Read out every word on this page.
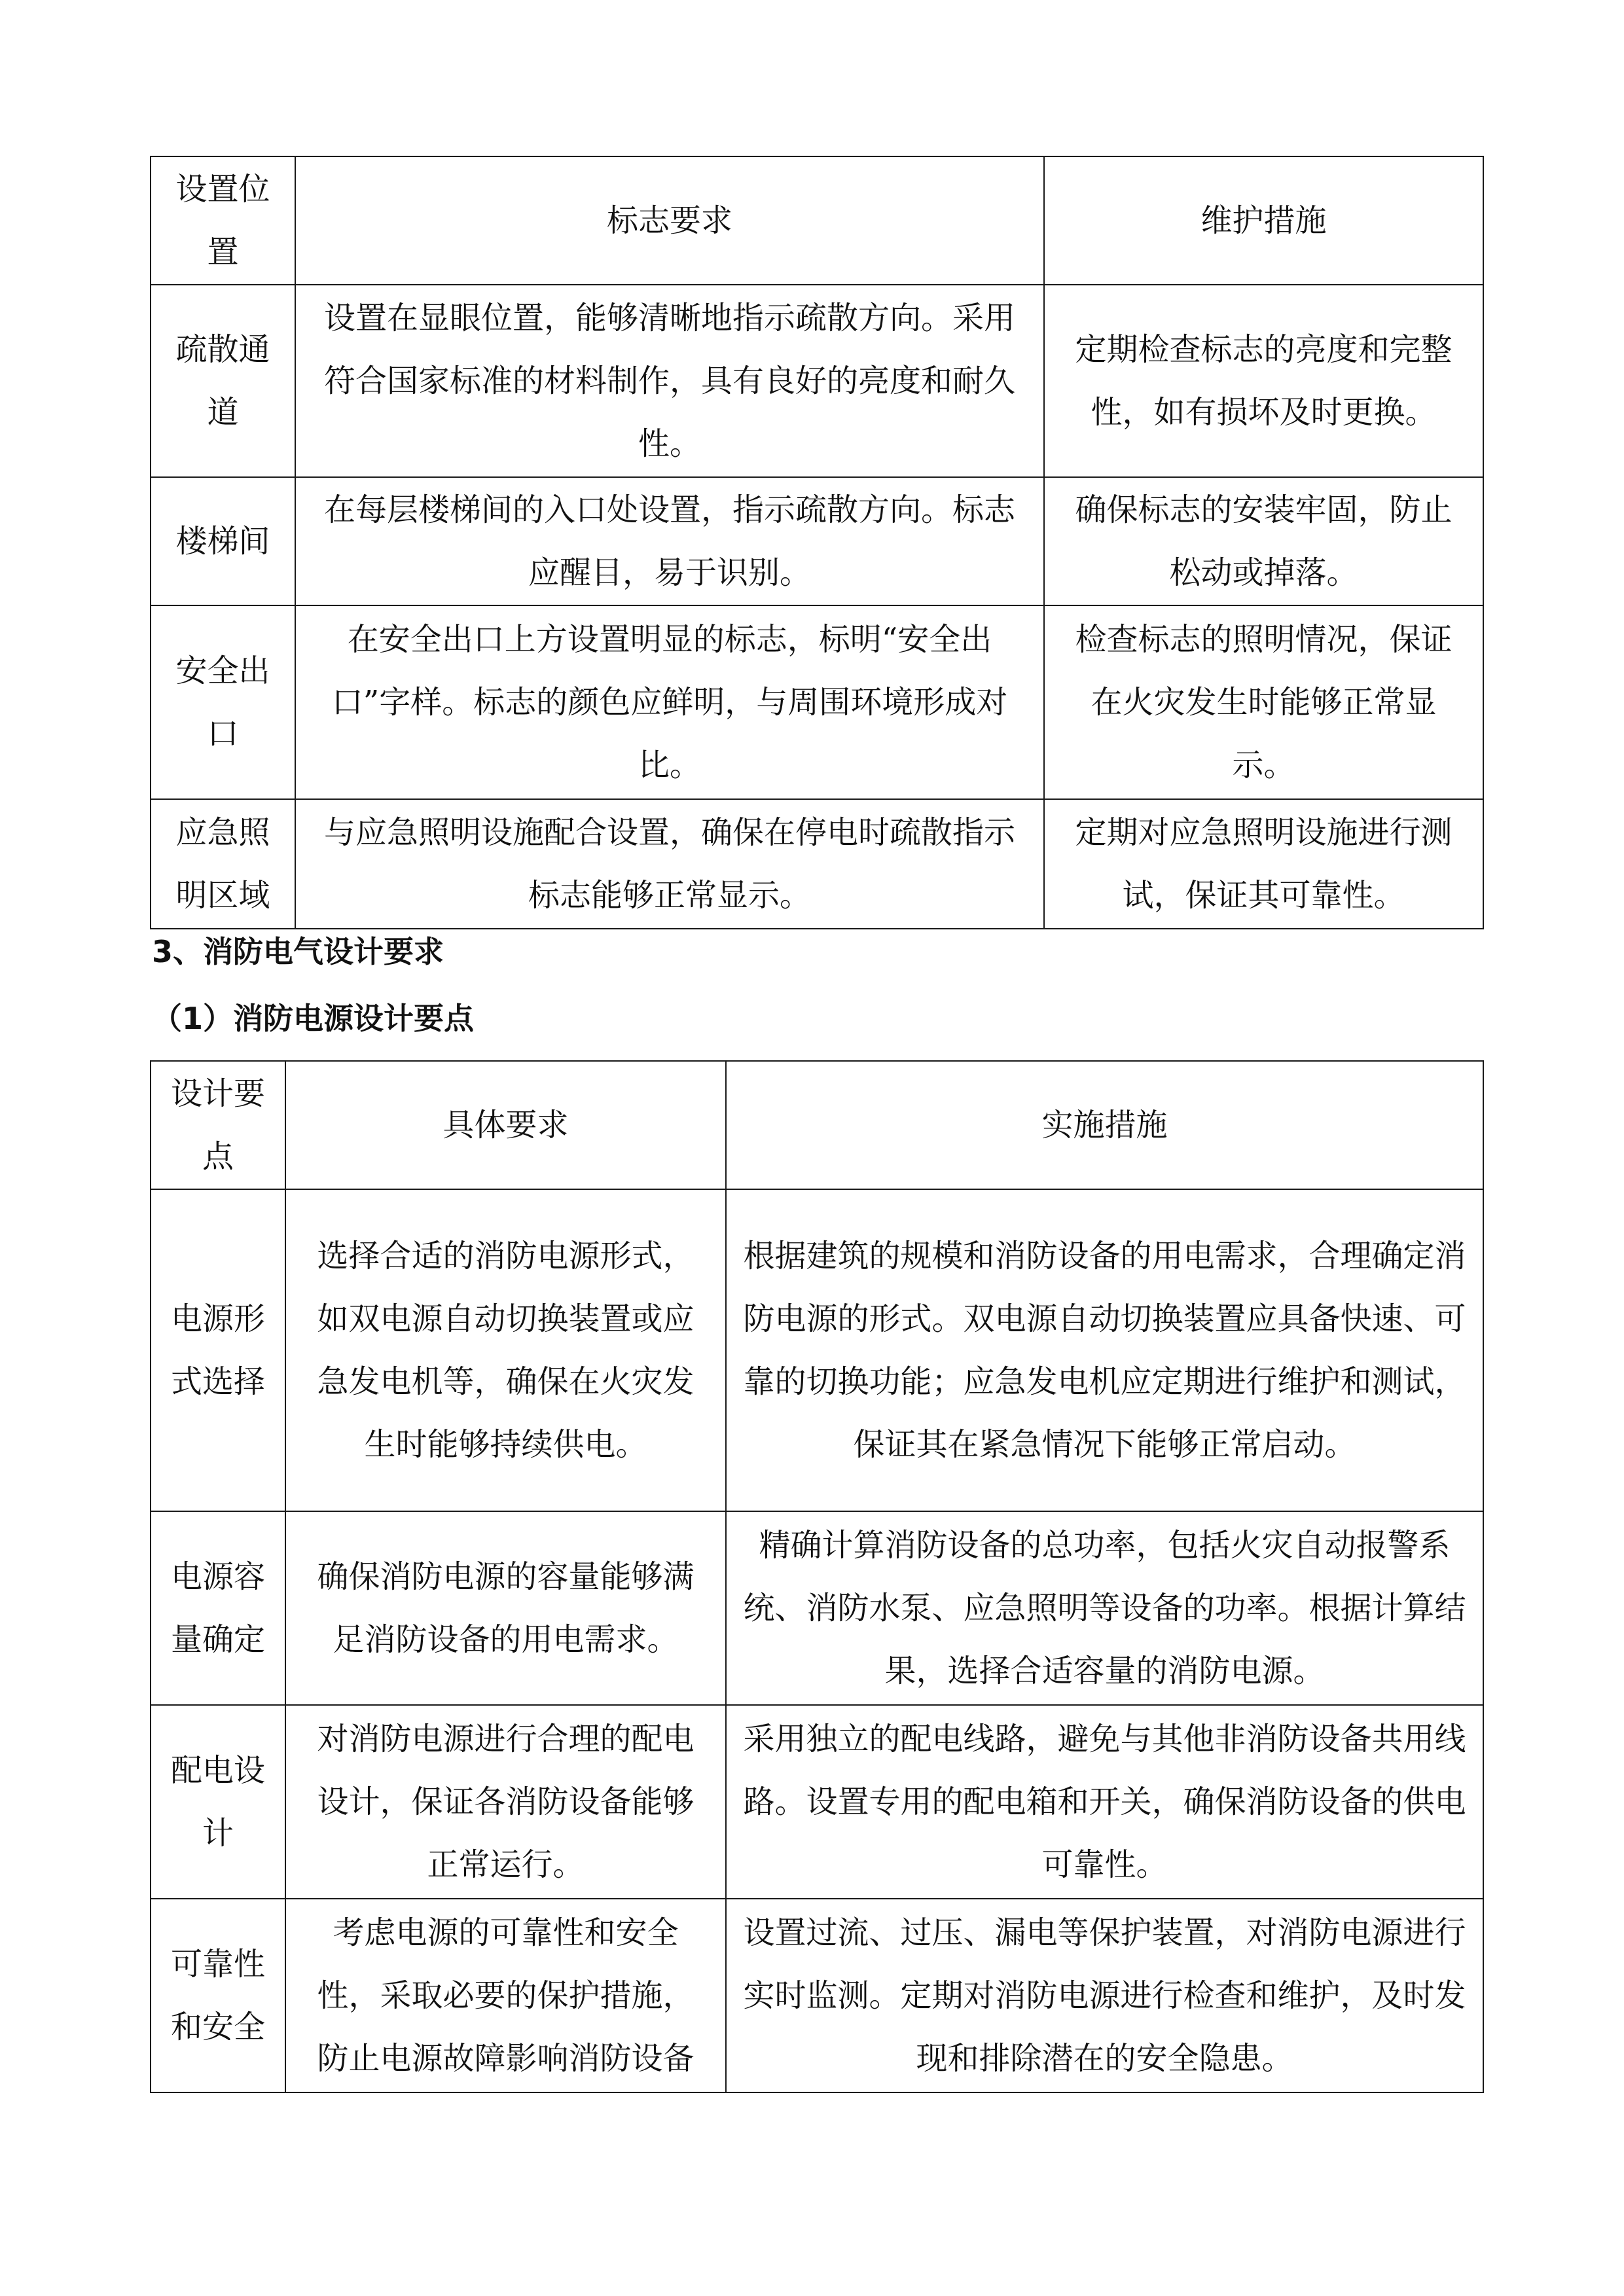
设置位置	标志要求	维护措施
疏散通道	设置在显眼位置，能够清晰地指示疏散方向。采用符合国家标准的材料制作，具有良好的亮度和耐久性。	定期检查标志的亮度和完整性，如有损坏及时更换。
楼梯间	在每层楼梯间的入口处设置，指示疏散方向。标志应醒目，易于识别。	确保标志的安装牢固，防止松动或掉落。
安全出口	在安全出口上方设置明显的标志，标明“安全出口”字样。标志的颜色应鲜明，与周围环境形成对比。	检查标志的照明情况，保证在火灾发生时能够正常显示。
应急照明区域	与应急照明设施配合设置，确保在停电时疏散指示标志能够正常显示。	定期对应急照明设施进行测试，保证其可靠性。
3、消防电气设计要求
（1）消防电源设计要点
设计要点	具体要求	实施措施
电源形式选择	选择合适的消防电源形式，如双电源自动切换装置或应急发电机等，确保在火灾发生时能够持续供电。	根据建筑的规模和消防设备的用电需求，合理确定消防电源的形式。双电源自动切换装置应具备快速、可靠的切换功能；应急发电机应定期进行维护和测试，保证其在紧急情况下能够正常启动。
电源容量确定	确保消防电源的容量能够满足消防设备的用电需求。	精确计算消防设备的总功率，包括火灾自动报警系统、消防水泵、应急照明等设备的功率。根据计算结果，选择合适容量的消防电源。
配电设计	对消防电源进行合理的配电设计，保证各消防设备能够正常运行。	采用独立的配电线路，避免与其他非消防设备共用线路。设置专用的配电箱和开关，确保消防设备的供电可靠性。
可靠性和安全	考虑电源的可靠性和安全性，采取必要的保护措施，防止电源故障影响消防设备	设置过流、过压、漏电等保护装置，对消防电源进行实时监测。定期对消防电源进行检查和维护，及时发现和排除潜在的安全隐患。
